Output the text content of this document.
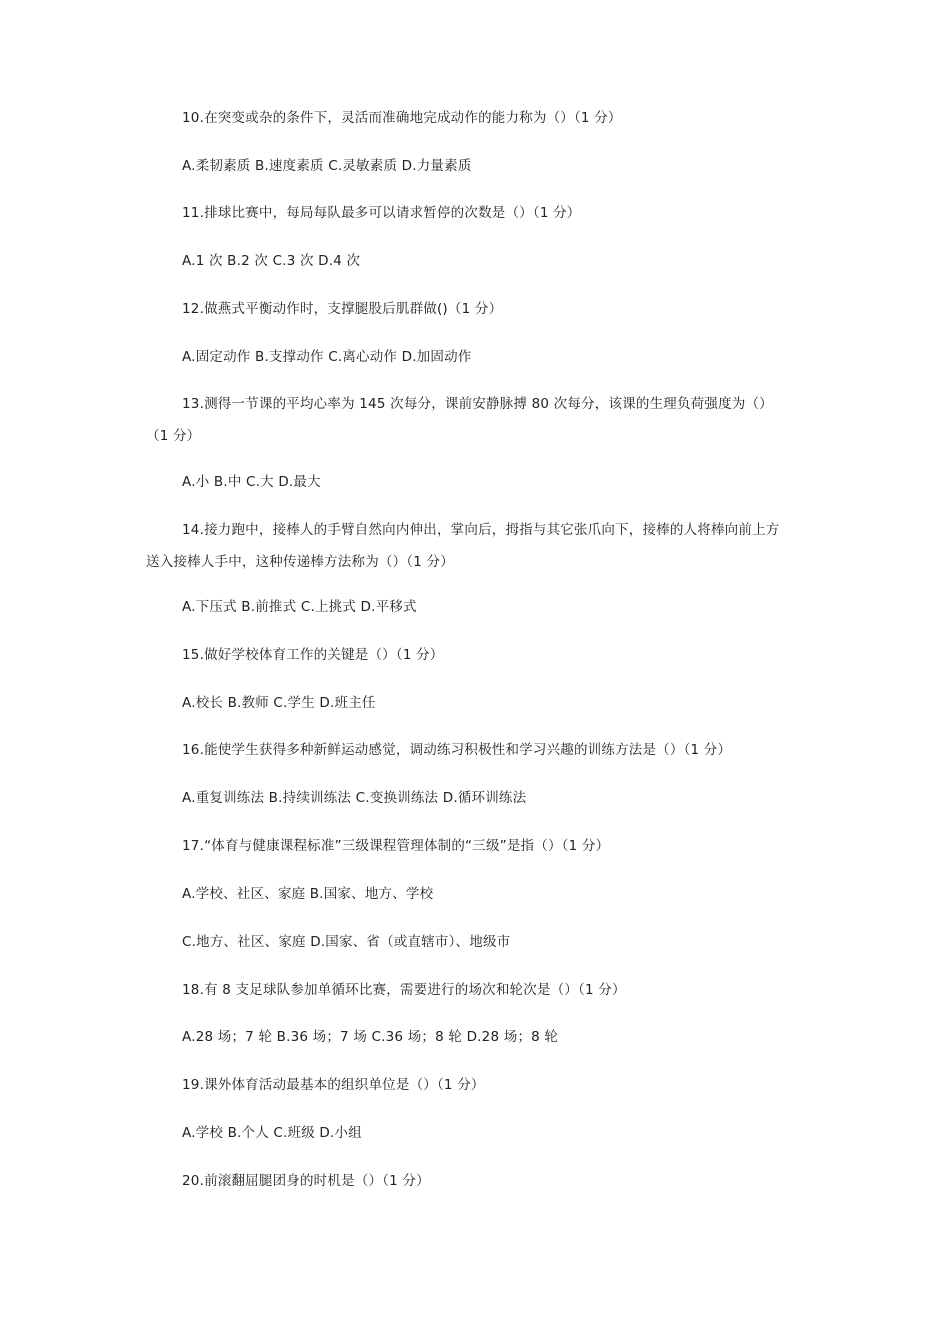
10.在突变或杂的条件下，灵活而准确地完成动作的能力称为（）（1 分）
A.柔韧素质 B.速度素质 C.灵敏素质 D.力量素质
11.排球比赛中，每局每队最多可以请求暂停的次数是（）（1 分）
A.1 次 B.2 次 C.3 次 D.4 次
12.做燕式平衡动作时，支撑腿股后肌群做()（1 分）
A.固定动作 B.支撑动作 C.离心动作 D.加固动作
13.测得一节课的平均心率为 145 次每分，课前安静脉搏 80 次每分，该课的生理负荷强度为（）
（1 分）
A.小 B.中 C.大 D.最大
14.接力跑中，接棒人的手臂自然向内伸出，掌向后，拇指与其它张爪向下，接棒的人将棒向前上方
送入接棒人手中，这种传递棒方法称为（）（1 分）
A.下压式 B.前推式 C.上挑式 D.平移式
15.做好学校体育工作的关键是（）（1 分）
A.校长 B.教师 C.学生 D.班主任
16.能使学生获得多种新鲜运动感觉，调动练习积极性和学习兴趣的训练方法是（）（1 分）
A.重复训练法 B.持续训练法 C.变换训练法 D.循环训练法
17.“体育与健康课程标准”三级课程管理体制的“三级”是指（）（1 分）
A.学校、社区、家庭 B.国家、地方、学校
C.地方、社区、家庭 D.国家、省（或直辖市）、地级市
18.有 8 支足球队参加单循环比赛，需要进行的场次和轮次是（）（1 分）
A.28 场；7 轮 B.36 场；7 场 C.36 场；8 轮 D.28 场；8 轮
19.课外体育活动最基本的组织单位是（）（1 分）
A.学校 B.个人 C.班级 D.小组
20.前滚翻屈腿团身的时机是（）（1 分）
